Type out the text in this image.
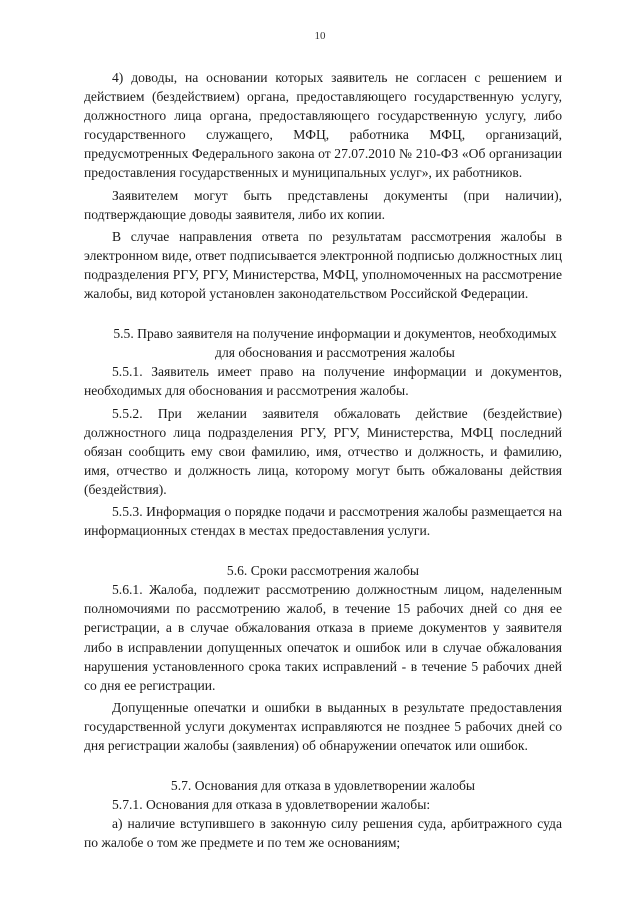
10

4) доводы, на основании которых заявитель не согласен с решением и действием (бездействием) органа, предоставляющего государственную услугу, должностного лица органа, предоставляющего государственную услугу, либо государственного служащего, МФЦ, работника МФЦ, организаций, предусмотренных Федерального закона от 27.07.2010 № 210-ФЗ «Об организации предоставления государственных и муниципальных услуг», их работников.

Заявителем могут быть представлены документы (при наличии), подтверждающие доводы заявителя, либо их копии.

В случае направления ответа по результатам рассмотрения жалобы в электронном виде, ответ подписывается электронной подписью должностных лиц подразделения РГУ, РГУ, Министерства, МФЦ, уполномоченных на рассмотрение жалобы, вид которой установлен законодательством Российской Федерации.

5.5. Право заявителя на получение информации и документов, необходимых для обоснования и рассмотрения жалобы

5.5.1. Заявитель имеет право на получение информации и документов, необходимых для обоснования и рассмотрения жалобы.

5.5.2. При желании заявителя обжаловать действие (бездействие) должностного лица подразделения РГУ, РГУ, Министерства, МФЦ последний обязан сообщить ему свои фамилию, имя, отчество и должность, и фамилию, имя, отчество и должность лица, которому могут быть обжалованы действия (бездействия).

5.5.3. Информация о порядке подачи и рассмотрения жалобы размещается на информационных стендах в местах предоставления услуги.

5.6. Сроки рассмотрения жалобы

5.6.1. Жалоба, подлежит рассмотрению должностным лицом, наделенным полномочиями по рассмотрению жалоб, в течение 15 рабочих дней со дня ее регистрации, а в случае обжалования отказа в приеме документов у заявителя либо в исправлении допущенных опечаток и ошибок или в случае обжалования нарушения установленного срока таких исправлений - в течение 5 рабочих дней со дня ее регистрации.

Допущенные опечатки и ошибки в выданных в результате предоставления государственной услуги документах исправляются не позднее 5 рабочих дней со дня регистрации жалобы (заявления) об обнаружении опечаток или ошибок.

5.7. Основания для отказа в удовлетворении жалобы

5.7.1. Основания для отказа в удовлетворении жалобы:

а) наличие вступившего в законную силу решения суда, арбитражного суда по жалобе о том же предмете и по тем же основаниям;
